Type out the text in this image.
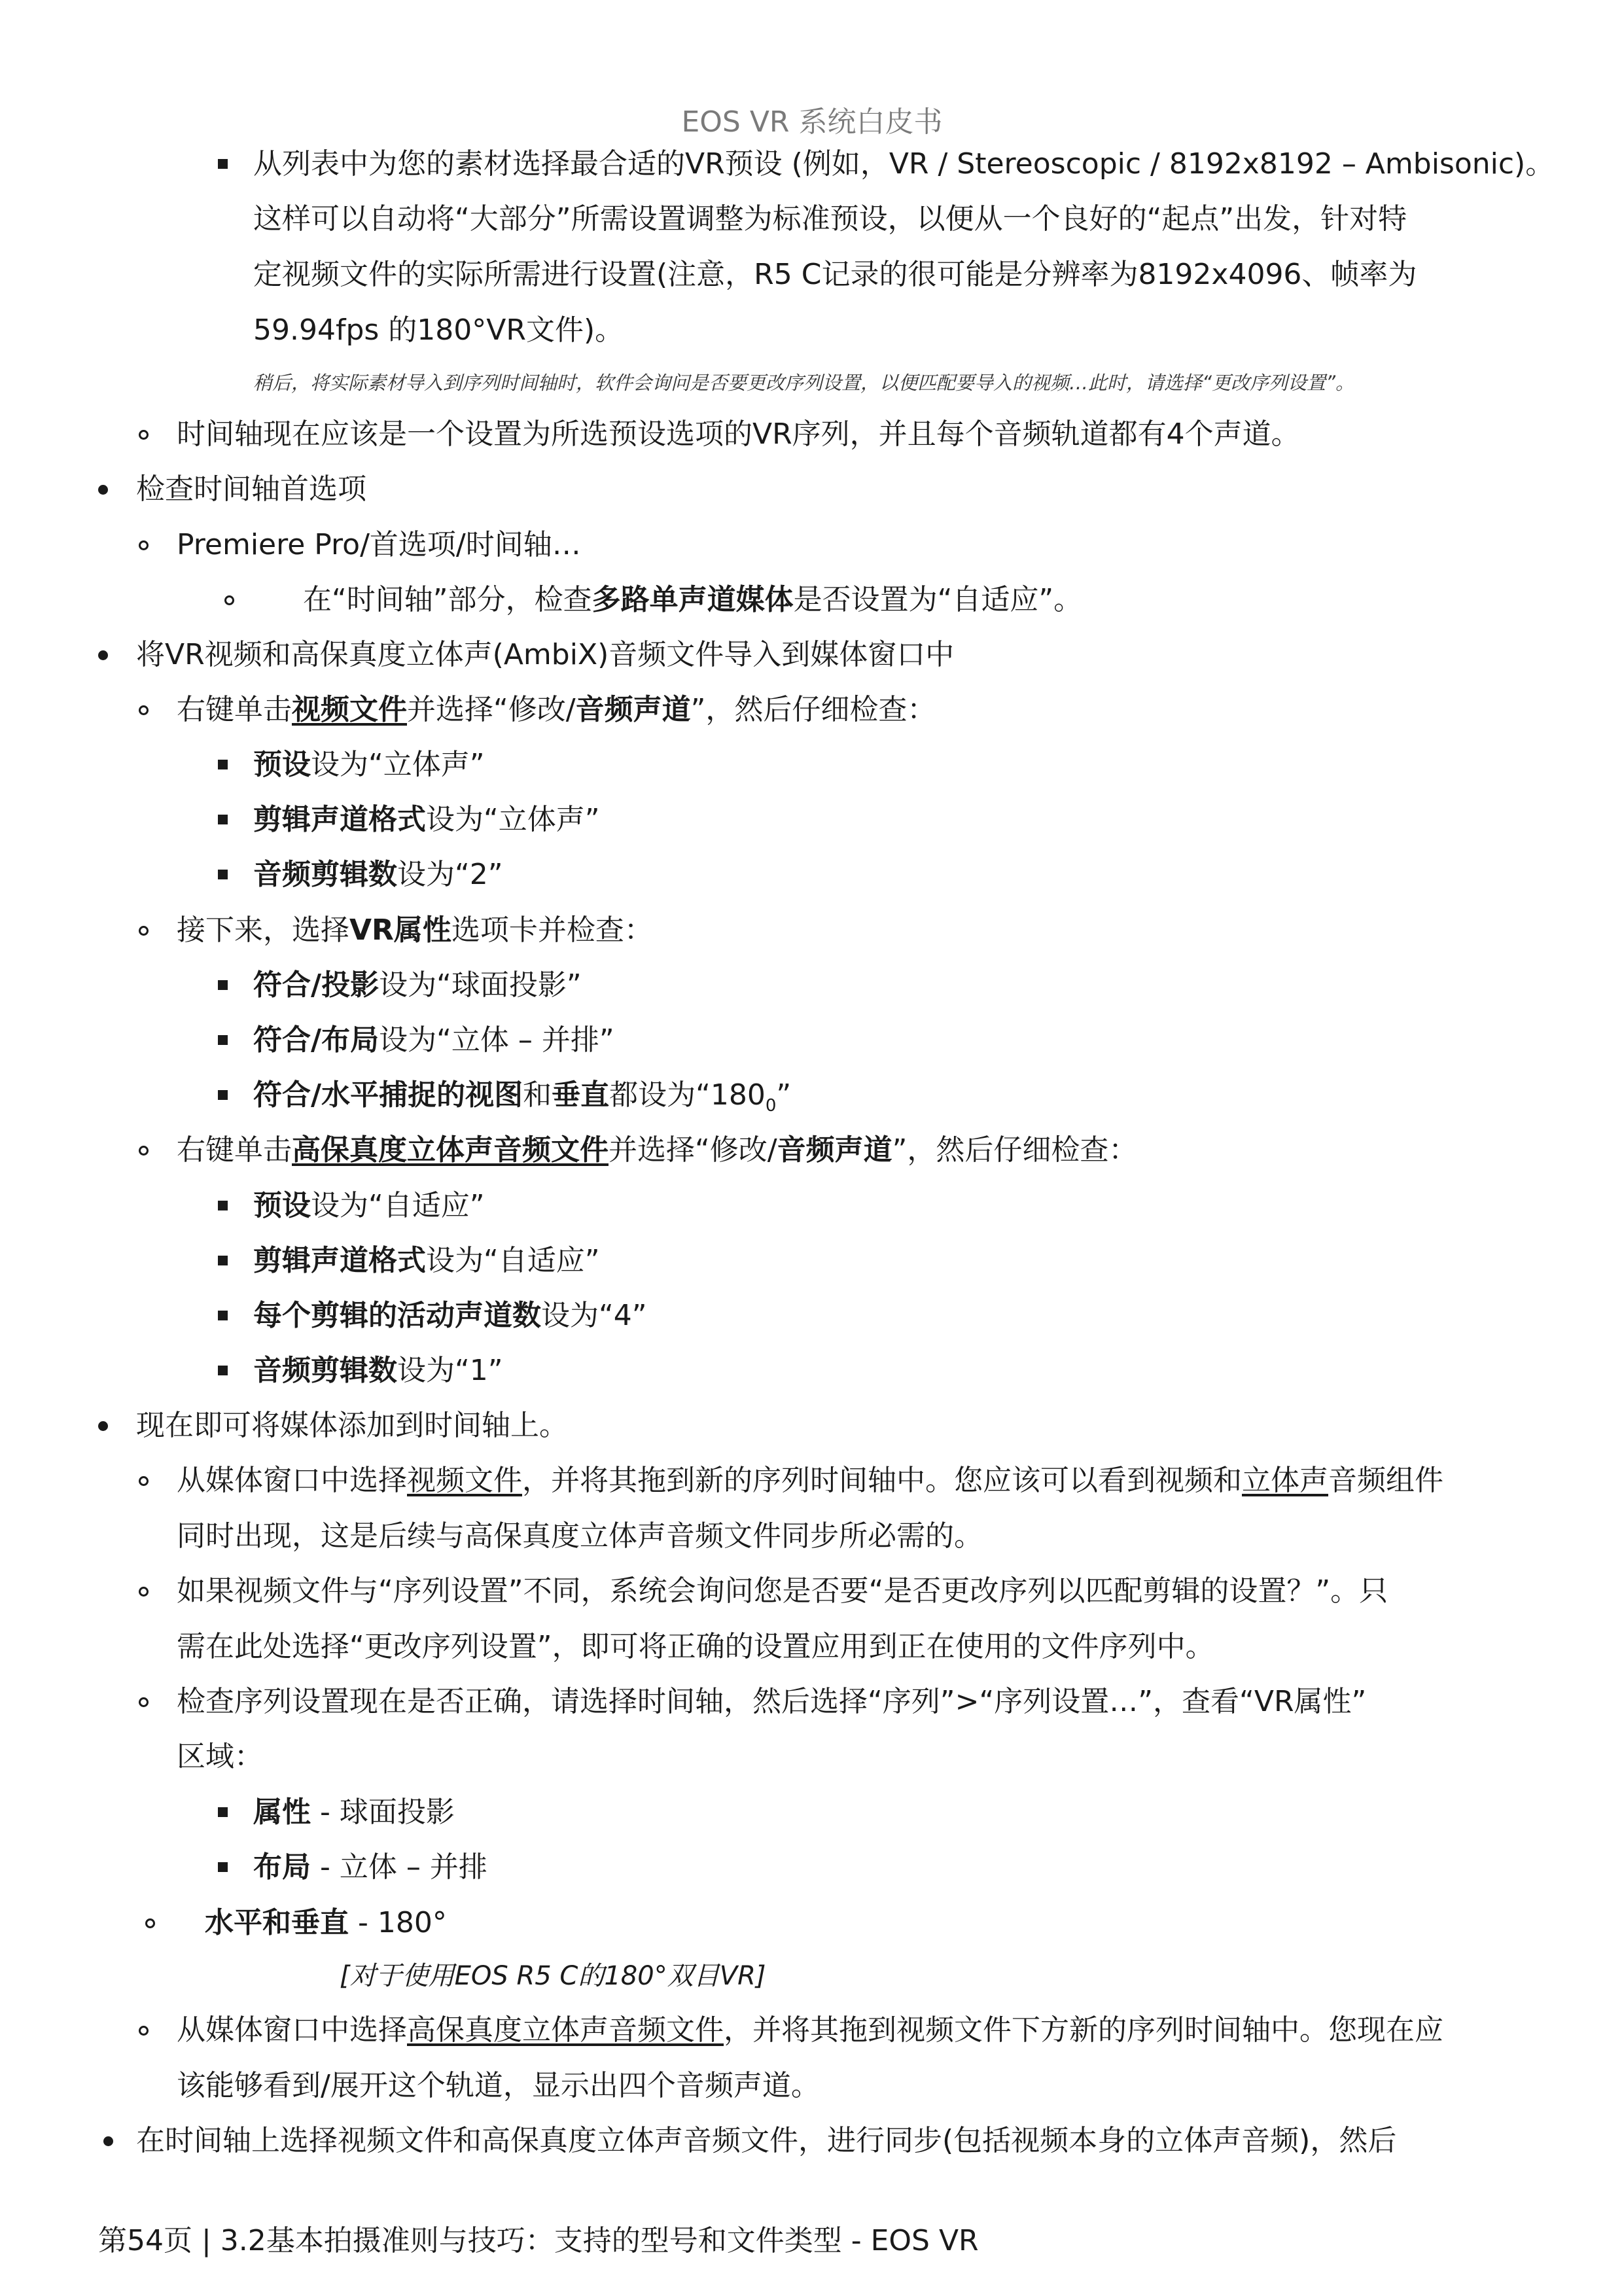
EOS VR 系统白皮书
从列表中为您的素材选择最合适的VR预设 (例如，VR / Stereoscopic / 8192x8192 – Ambisonic)。
这样可以自动将“大部分”所需设置调整为标准预设，以便从一个良好的“起点”出发，针对特
定视频文件的实际所需进行设置(注意，R5 C记录的很可能是分辨率为8192x4096、帧率为
59.94fps 的180°VR文件)。
稍后，将实际素材导入到序列时间轴时，软件会询问是否要更改序列设置，以便匹配要导入的视频…此时，请选择“更改序列设置”。
时间轴现在应该是一个设置为所选预设选项的VR序列，并且每个音频轨道都有4个声道。
检查时间轴首选项
Premiere Pro/首选项/时间轴…
在“时间轴”部分，检查多路单声道媒体是否设置为“自适应”。
将VR视频和高保真度立体声(AmbiX)音频文件导入到媒体窗口中
右键单击视频文件并选择“修改/音频声道”，然后仔细检查：
预设设为“立体声”
剪辑声道格式设为“立体声”
音频剪辑数设为“2”
接下来，选择VR属性选项卡并检查：
符合/投影设为“球面投影”
符合/布局设为“立体 – 并排”
符合/水平捕捉的视图和垂直都设为“$180_0$”
右键单击高保真度立体声音频文件并选择“修改/音频声道”，然后仔细检查：
预设设为“自适应”
剪辑声道格式设为“自适应”
每个剪辑的活动声道数设为“4”
音频剪辑数设为“1”
现在即可将媒体添加到时间轴上。
从媒体窗口中选择视频文件，并将其拖到新的序列时间轴中。您应该可以看到视频和立体声音频组件
同时出现，这是后续与高保真度立体声音频文件同步所必需的。
如果视频文件与“序列设置”不同，系统会询问您是否要“是否更改序列以匹配剪辑的设置？”。只
需在此处选择“更改序列设置”，即可将正确的设置应用到正在使用的文件序列中。
检查序列设置现在是否正确，请选择时间轴，然后选择“序列”>“序列设置…”，查看“VR属性”
区域：
属性 - 球面投影
布局 - 立体 – 并排
水平和垂直 - 180°
[对于使用EOS R5 C的180°双目VR]
从媒体窗口中选择高保真度立体声音频文件，并将其拖到视频文件下方新的序列时间轴中。您现在应
该能够看到/展开这个轨道，显示出四个音频声道。
在时间轴上选择视频文件和高保真度立体声音频文件，进行同步(包括视频本身的立体声音频)，然后
第54页 | 3.2基本拍摄准则与技巧：支持的型号和文件类型 - EOS VR
